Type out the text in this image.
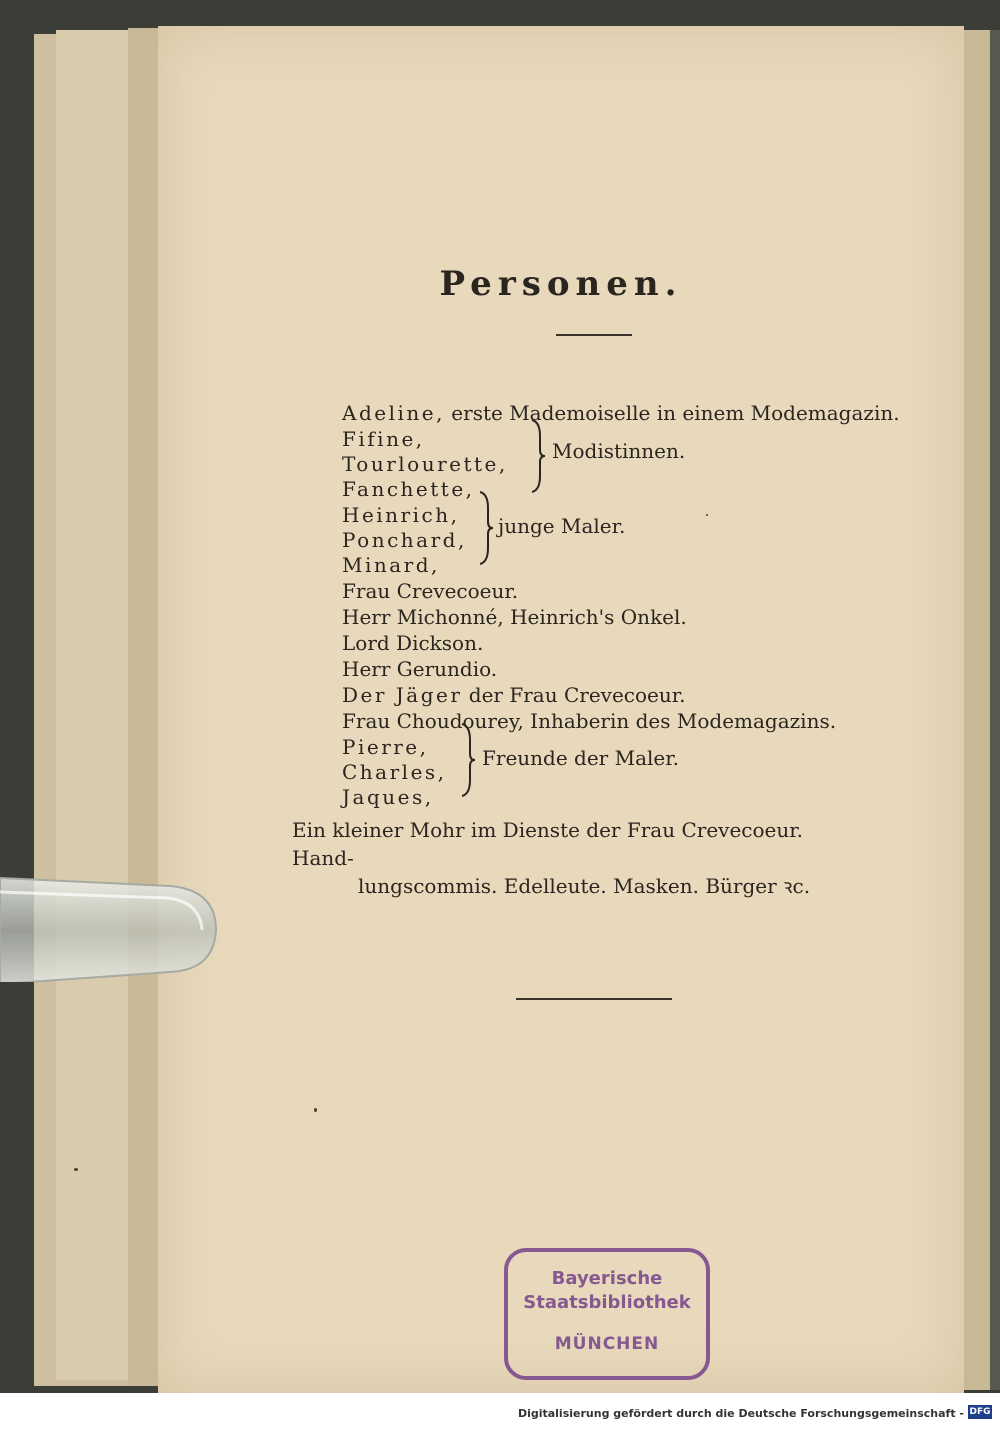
Personen.
Adeline, erste Mademoiselle in einem Modemagazin.
Fifine,
Tourlourette,
Fanchette,
Modistinnen.
Heinrich,
Ponchard,
Minard,
junge Maler.
Frau Crevecoeur.
Herr Michonné, Heinrich's Onkel.
Lord Dickson.
Herr Gerundio.
Der Jäger der Frau Crevecoeur.
Frau Choudourey, Inhaberin des Modemagazins.
Pierre,
Charles,
Jaques,
Freunde der Maler.
Ein kleiner Mohr im Dienste der Frau Crevecoeur. Hand-
lungscommis. Edelleute. Masken. Bürger ꝛc.
Bayerische
Staatsbibliothek
MÜNCHEN
Digitalisierung gefördert durch die Deutsche Forschungsgemeinschaft - DFG
